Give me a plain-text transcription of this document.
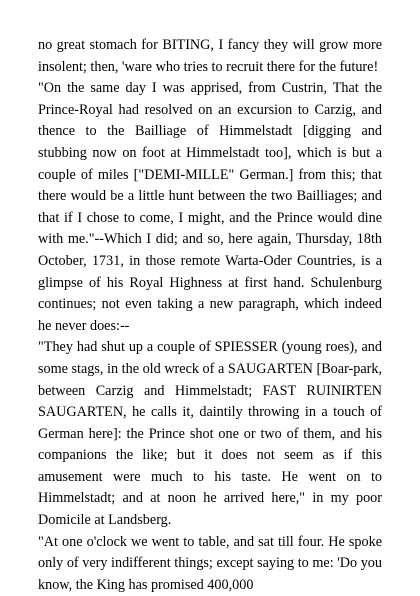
no great stomach for BITING, I fancy they will grow more insolent; then, 'ware who tries to recruit there for the future!

"On the same day I was apprised, from Custrin, That the Prince-Royal had resolved on an excursion to Carzig, and thence to the Bailliage of Himmelstadt [digging and stubbing now on foot at Himmelstadt too], which is but a couple of miles ["DEMI-MILLE" German.] from this; that there would be a little hunt between the two Bailliages; and that if I chose to come, I might, and the Prince would dine with me."--Which I did; and so, here again, Thursday, 18th October, 1731, in those remote Warta-Oder Countries, is a glimpse of his Royal Highness at first hand. Schulenburg continues; not even taking a new paragraph, which indeed he never does:--

"They had shut up a couple of SPIESSER (young roes), and some stags, in the old wreck of a SAUGARTEN [Boar-park, between Carzig and Himmelstadt; FAST RUINIRTEN SAUGARTEN, he calls it, daintily throwing in a touch of German here]: the Prince shot one or two of them, and his companions the like; but it does not seem as if this amusement were much to his taste. He went on to Himmelstadt; and at noon he arrived here," in my poor Domicile at Landsberg.

"At one o'clock we went to table, and sat till four. He spoke only of very indifferent things; except saying to me: 'Do you know, the King has promised 400,000
